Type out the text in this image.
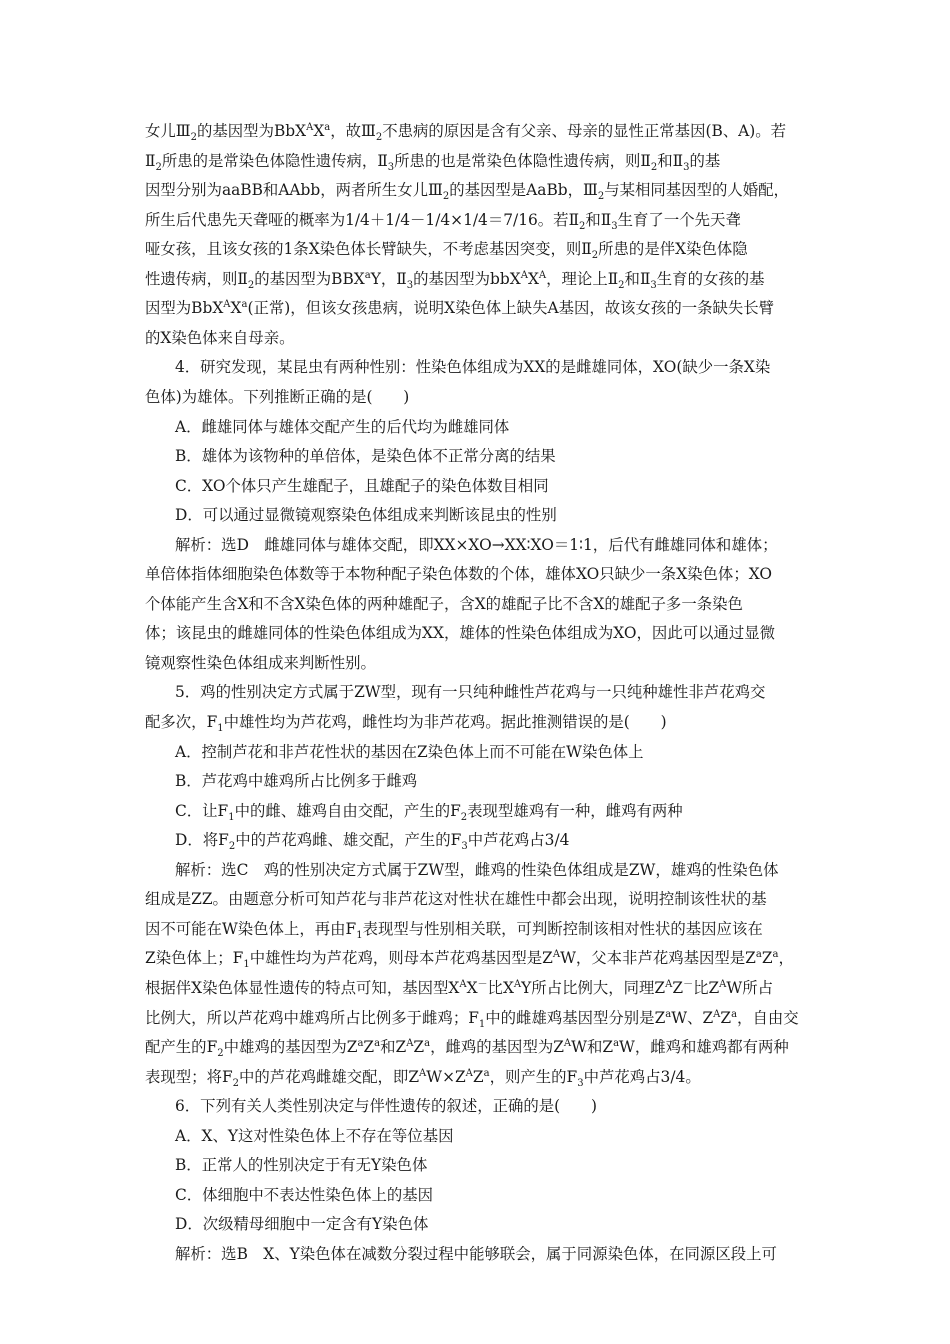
女儿$Ⅲ_2$的基因型为$BbX^AX^a$，故$Ⅲ_2$不患病的原因是含有父亲、母亲的显性正常基因(B、A)。若
$Ⅱ_2$所患的是常染色体隐性遗传病，$Ⅱ_3$所患的也是常染色体隐性遗传病，则$Ⅱ_2$和$Ⅱ_3$的基
因型分别为aaBB和AAbb，两者所生女儿$Ⅲ_2$的基因型是AaBb，$Ⅲ_2$与某相同基因型的人婚配，
所生后代患先天聋哑的概率为1/4＋1/4－1/4×1/4＝7/16。若$Ⅱ_2$和$Ⅱ_3$生育了一个先天聋
哑女孩，且该女孩的1条X染色体长臂缺失，不考虑基因突变，则$Ⅱ_2$所患的是伴X染色体隐
性遗传病，则$Ⅱ_2$的基因型为BBX$^a$Y，$Ⅱ_3$的基因型为$bbX^AX^A$，理论上$Ⅱ_2$和$Ⅱ_3$生育的女孩的基
因型为$BbX^AX^a$(正常)，但该女孩患病，说明X染色体上缺失A基因，故该女孩的一条缺失长臂
的X染色体来自母亲。
4．研究发现，某昆虫有两种性别：性染色体组成为XX的是雌雄同体，XO(缺少一条X染
色体)为雄体。下列推断正确的是(　　)
A．雌雄同体与雄体交配产生的后代均为雌雄同体
B．雄体为该物种的单倍体，是染色体不正常分离的结果
C．XO个体只产生雄配子，且雄配子的染色体数目相同
D．可以通过显微镜观察染色体组成来判断该昆虫的性别
解析：选D　雌雄同体与雄体交配，即XX×XO→XX∶XO＝1∶1，后代有雌雄同体和雄体；
单倍体指体细胞染色体数等于本物种配子染色体数的个体，雄体XO只缺少一条X染色体；XO
个体能产生含X和不含X染色体的两种雄配子，含X的雄配子比不含X的雄配子多一条染色
体；该昆虫的雌雄同体的性染色体组成为XX，雄体的性染色体组成为XO，因此可以通过显微
镜观察性染色体组成来判断性别。
5．鸡的性别决定方式属于ZW型，现有一只纯种雌性芦花鸡与一只纯种雄性非芦花鸡交
配多次，$F_1$中雄性均为芦花鸡，雌性均为非芦花鸡。据此推测错误的是(　　)
A．控制芦花和非芦花性状的基因在Z染色体上而不可能在W染色体上
B．芦花鸡中雄鸡所占比例多于雌鸡
C．让$F_1$中的雌、雄鸡自由交配，产生的$F_2$表现型雄鸡有一种，雌鸡有两种
D．将$F_2$中的芦花鸡雌、雄交配，产生的$F_3$中芦花鸡占3/4
解析：选C　鸡的性别决定方式属于ZW型，雌鸡的性染色体组成是ZW，雄鸡的性染色体
组成是ZZ。由题意分析可知芦花与非芦花这对性状在雄性中都会出现，说明控制该性状的基
因不可能在W染色体上，再由$F_1$表现型与性别相关联，可判断控制该相对性状的基因应该在
Z染色体上；$F_1$中雄性均为芦花鸡，则母本芦花鸡基因型是$Z^AW$，父本非芦花鸡基因型是$Z^aZ^a$，
根据伴X染色体显性遗传的特点可知，基因型$X^AX^-$比$X^AY$所占比例大，同理$Z^AZ^-$比$Z^AW$所占
比例大，所以芦花鸡中雄鸡所占比例多于雌鸡；$F_1$中的雌雄鸡基因型分别是$Z^aW$、$Z^AZ^a$，自由交
配产生的$F_2$中雄鸡的基因型为$Z^aZ^a$和$Z^AZ^a$，雌鸡的基因型为$Z^AW$和$Z^aW$，雌鸡和雄鸡都有两种
表现型；将$F_2$中的芦花鸡雌雄交配，即$Z^AW\times Z^AZ^a$，则产生的$F_3$中芦花鸡占3/4。
6．下列有关人类性别决定与伴性遗传的叙述，正确的是(　　)
A．X、Y这对性染色体上不存在等位基因
B．正常人的性别决定于有无Y染色体
C．体细胞中不表达性染色体上的基因
D．次级精母细胞中一定含有Y染色体
解析：选B　X、Y染色体在减数分裂过程中能够联会，属于同源染色体，在同源区段上可
